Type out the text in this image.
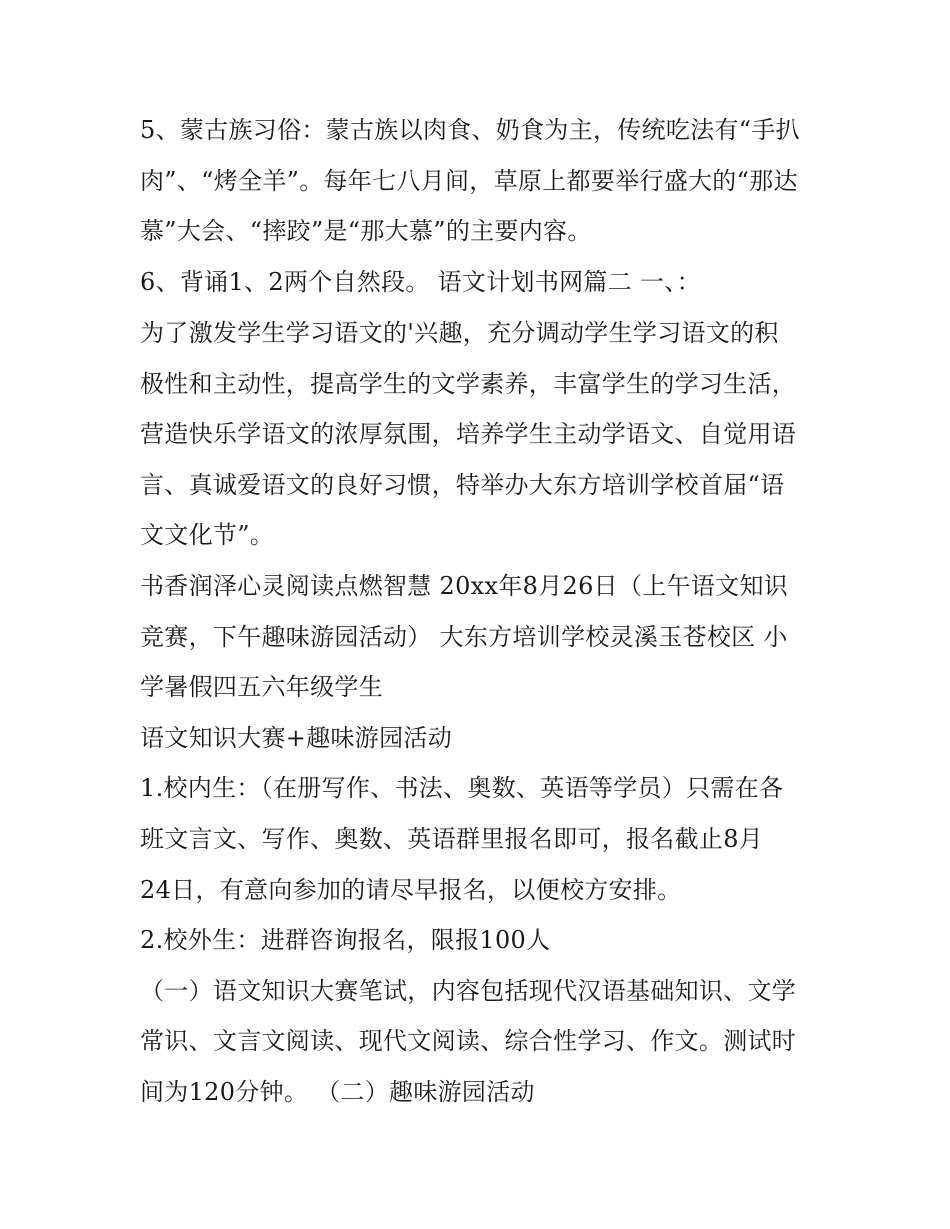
5、蒙古族习俗：蒙古族以肉食、奶食为主，传统吃法有“手扒
肉”、“烤全羊”。每年七八月间，草原上都要举行盛大的“那达
慕”大会、“摔跤”是“那大慕”的主要内容。
6、背诵1、2两个自然段。 语文计划书网篇二 一、：
为了激发学生学习语文的'兴趣，充分调动学生学习语文的积
极性和主动性，提高学生的文学素养，丰富学生的学习生活，
营造快乐学语文的浓厚氛围，培养学生主动学语文、自觉用语
言、真诚爱语文的良好习惯，特举办大东方培训学校首届“语
文文化节”。
书香润泽心灵阅读点燃智慧 20xx年8月26日（上午语文知识
竞赛，下午趣味游园活动） 大东方培训学校灵溪玉苍校区 小
学暑假四五六年级学生
语文知识大赛+趣味游园活动
1.校内生：（在册写作、书法、奥数、英语等学员）只需在各
班文言文、写作、奥数、英语群里报名即可，报名截止8月
24日，有意向参加的请尽早报名，以便校方安排。
2.校外生：进群咨询报名，限报100人
（一）语文知识大赛笔试，内容包括现代汉语基础知识、文学
常识、文言文阅读、现代文阅读、综合性学习、作文。测试时
间为120分钟。 （二）趣味游园活动
